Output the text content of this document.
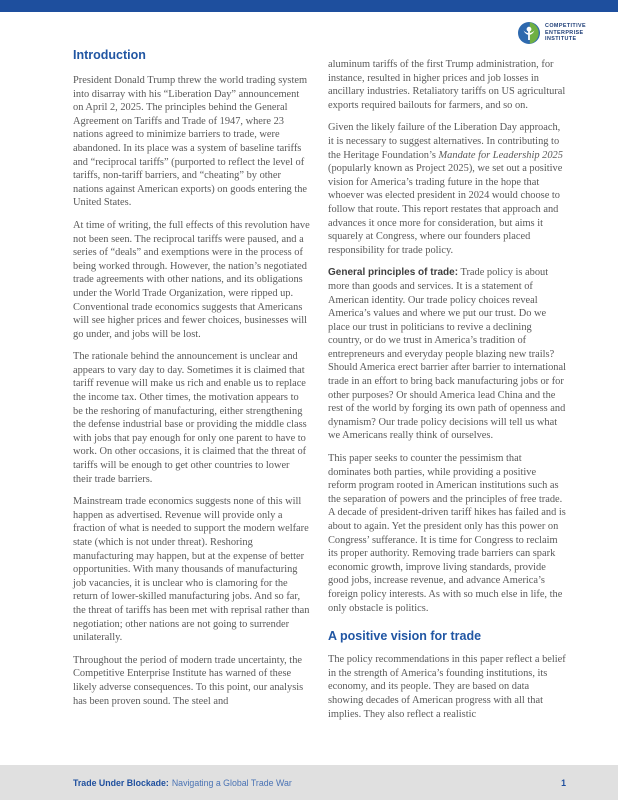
COMPETITIVE
ENTERPRISE
INSTITUTE
Introduction

President Donald Trump threw the world trading system into disarray with his “Liberation Day” announcement on April 2, 2025. The principles behind the General Agreement on Tariffs and Trade of 1947, where 23 nations agreed to minimize barriers to trade, were abandoned. In its place was a system of baseline tariffs and “reciprocal tariffs” (purported to reflect the level of tariffs, non-tariff barriers, and “cheating” by other nations against American exports) on goods entering the United States.

At time of writing, the full effects of this revolution have not been seen. The reciprocal tariffs were paused, and a series of “deals” and exemptions were in the process of being worked through. However, the nation’s negotiated trade agreements with other nations, and its obligations under the World Trade Organization, were ripped up. Conventional trade economics suggests that Americans will see higher prices and fewer choices, businesses will go under, and jobs will be lost.

The rationale behind the announcement is unclear and appears to vary day to day. Sometimes it is claimed that tariff revenue will make us rich and enable us to replace the income tax. Other times, the motivation appears to be the reshoring of manufacturing, either strengthening the defense industrial base or providing the middle class with jobs that pay enough for only one parent to have to work. On other occasions, it is claimed that the threat of tariffs will be enough to get other countries to lower their trade barriers.

Mainstream trade economics suggests none of this will happen as advertised. Revenue will provide only a fraction of what is needed to support the modern welfare state (which is not under threat). Reshoring manufacturing may happen, but at the expense of better opportunities. With many thousands of manufacturing job vacancies, it is unclear who is clamoring for the return of lower-skilled manufacturing jobs. And so far, the threat of tariffs has been met with reprisal rather than negotiation; other nations are not going to surrender unilaterally.

Throughout the period of modern trade uncertainty, the Competitive Enterprise Institute has warned of these likely adverse consequences. To this point, our analysis has been proven sound. The steel and

aluminum tariffs of the first Trump administration, for instance, resulted in higher prices and job losses in ancillary industries. Retaliatory tariffs on US agricultural exports required bailouts for farmers, and so on.

Given the likely failure of the Liberation Day approach, it is necessary to suggest alternatives. In contributing to the Heritage Foundation’s Mandate for Leadership 2025 (popularly known as Project 2025), we set out a positive vision for America’s trading future in the hope that whoever was elected president in 2024 would choose to follow that route. This report restates that approach and advances it once more for consideration, but aims it squarely at Congress, where our founders placed responsibility for trade policy.

General principles of trade: Trade policy is about more than goods and services. It is a statement of American identity. Our trade policy choices reveal America’s values and where we put our trust. Do we place our trust in politicians to revive a declining country, or do we trust in America’s tradition of entrepreneurs and everyday people blazing new trails? Should America erect barrier after barrier to international trade in an effort to bring back manufacturing jobs or for other purposes? Or should America lead China and the rest of the world by forging its own path of openness and dynamism? Our trade policy decisions will tell us what we Americans really think of ourselves.

This paper seeks to counter the pessimism that dominates both parties, while providing a positive reform program rooted in American institutions such as the separation of powers and the principles of free trade. A decade of president-driven tariff hikes has failed and is about to again. Yet the president only has this power on Congress’ sufferance. It is time for Congress to reclaim its proper authority. Removing trade barriers can spark economic growth, improve living standards, provide good jobs, increase revenue, and advance America’s foreign policy interests. As with so much else in life, the only obstacle is politics.

A positive vision for trade

The policy recommendations in this paper reflect a belief in the strength of America’s founding institutions, its economy, and its people. They are based on data showing decades of American progress with all that implies. They also reflect a realistic

Trade Under Blockade: Navigating a Global Trade War	1
